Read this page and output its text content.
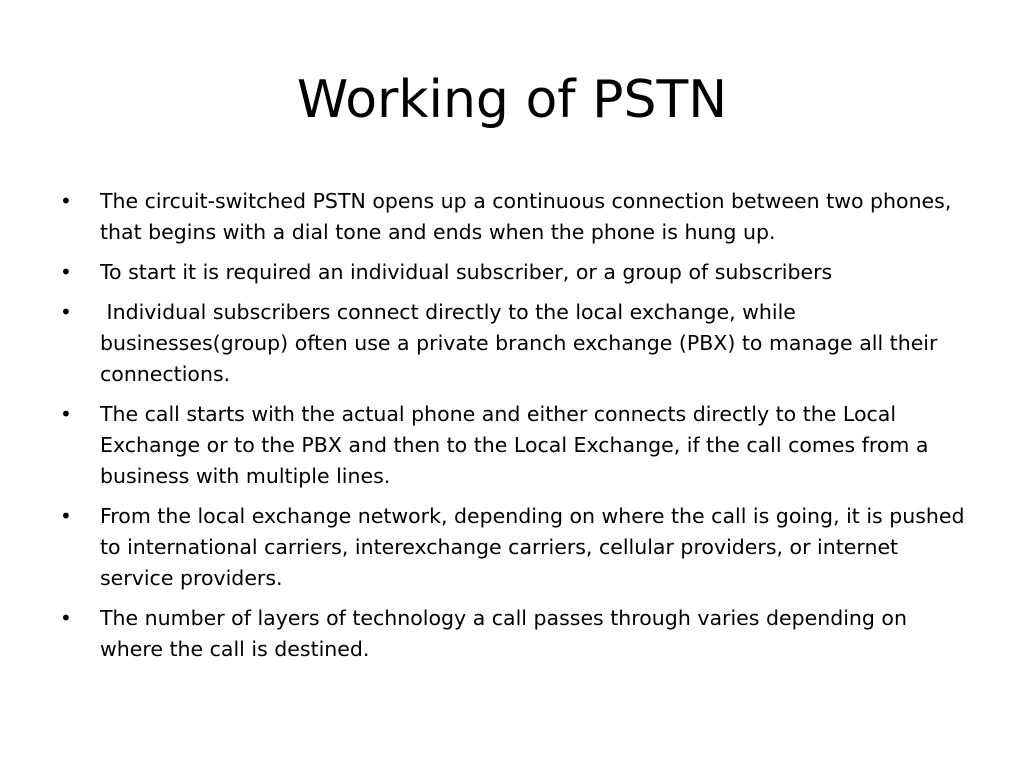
Working of PSTN
• The circuit-switched PSTN opens up a continuous connection between two phones, that begins with a dial tone and ends when the phone is hung up.
• To start it is required an individual subscriber, or a group of subscribers
• Individual subscribers connect directly to the local exchange, while businesses(group) often use a private branch exchange (PBX) to manage all their connections.
• The call starts with the actual phone and either connects directly to the Local Exchange or to the PBX and then to the Local Exchange, if the call comes from a business with multiple lines.
• From the local exchange network, depending on where the call is going, it is pushed to international carriers, interexchange carriers, cellular providers, or internet service providers.
• The number of layers of technology a call passes through varies depending on where the call is destined.
